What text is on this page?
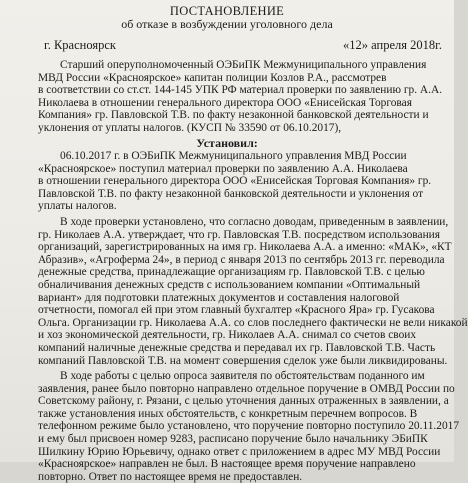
ПОСТАНОВЛЕНИЕ
об отказе в возбуждении уголовного дела
г. Красноярск	«12» апреля 2018г.
Старший оперуполномоченный ОЭБиПК Межмуниципального управления
МВД России «Красноярское» капитан полиции Козлов Р.А., рассмотрев
в соответствии со ст.ст. 144-145 УПК РФ материал проверки по заявлению гр. А.А.
Николаева в отношении генерального директора ООО «Енисейская Торговая
Компания» гр. Павловской Т.В. по факту незаконной банковской деятельности и
уклонения от уплаты налогов. (КУСП № 33590 от 06.10.2017),
Установил:
06.10.2017 г. в ОЭБиПК Межмуниципального управления МВД России
«Красноярское» поступил материал проверки по заявлению А.А. Николаева
в отношении генерального директора ООО «Енисейская Торговая Компания» гр.
Павловской Т.В. по факту незаконной банковской деятельности и уклонения от
уплаты налогов.
В ходе проверки установлено, что согласно доводам, приведенным в заявлении,
гр. Николаев А.А. утверждает, что гр. Павловская Т.В. посредством использования
организаций, зарегистрированных на имя гр. Николаева А.А. а именно: «МАК», «КТ
Абразив», «Агроферма 24», в период с января 2013 по сентябрь 2013 гг. переводила
денежные средства, принадлежащие организациям гр. Павловской Т.В. с целью
обналичивания денежных средств с использованием компании «Оптимальный
вариант» для подготовки платежных документов и составления налоговой
отчетности, помогал ей при этом главный бухгалтер «Красного Яра» гр. Гусакова
Ольга. Организации гр. Николаева А.А. со слов последнего фактически не вели никакой
и хоз экономической деятельности, гр. Николаев А.А. снимал со счетов своих
компаний наличные денежные средства и передавал их гр. Павловской Т.В. Часть
компаний Павловской Т.В. на момент совершения сделок уже были ликвидированы.
В ходе работы с целью опроса заявителя по обстоятельствам поданного им
заявления, ранее было повторно направлено отдельное поручение в ОМВД России по
Советскому району, г. Рязани, с целью уточнения данных отраженных в заявлении, а
также установления иных обстоятельств, с конкретным перечнем вопросов. В
телефонном режиме было установлено, что поручение повторно поступило 20.11.2017
и ему был присвоен номер 9283, расписано поручение было начальнику ЭБиПК
Шилкину Юрию Юрьевичу, однако ответ с приложением в адрес МУ МВД России
«Красноярское» направлен не был. В настоящее время поручение направлено
повторно. Ответ по настоящее время не предоставлен.
